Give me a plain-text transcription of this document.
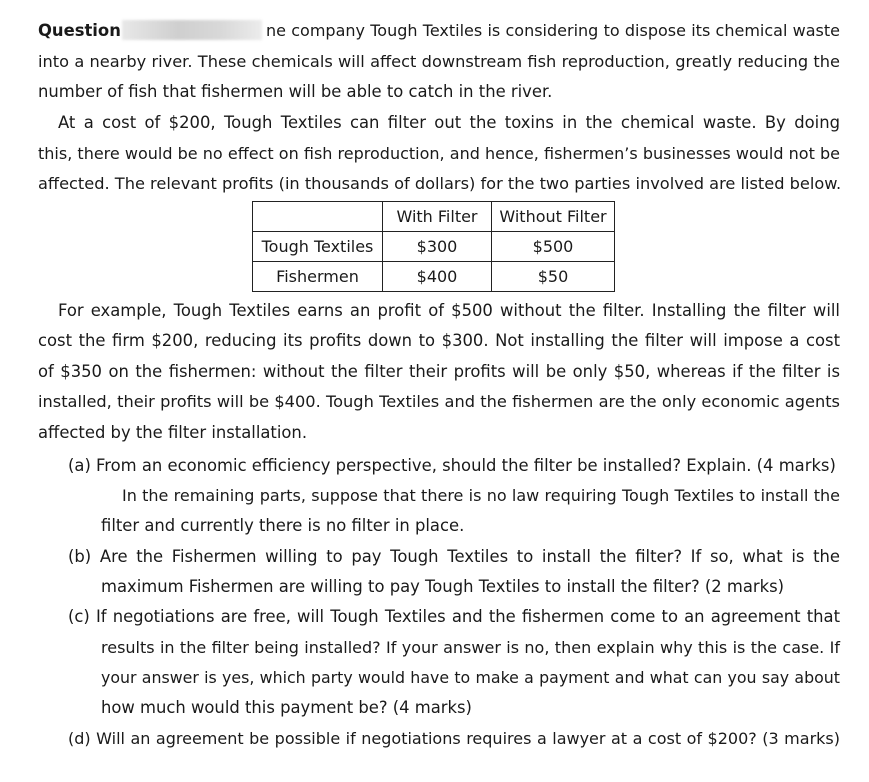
Question	ne company Tough Textiles is considering to dispose its chemical waste
into a nearby river. These chemicals will affect downstream fish reproduction, greatly reducing the
number of fish that fishermen will be able to catch in the river.
At a cost of $200, Tough Textiles can filter out the toxins in the chemical waste. By doing
this, there would be no effect on fish reproduction, and hence, fishermen’s businesses would not be
affected. The relevant profits (in thousands of dollars) for the two parties involved are listed below.
	With Filter	Without Filter
Tough Textiles	$300	$500
Fishermen	$400	$50
For example, Tough Textiles earns an profit of $500 without the filter. Installing the filter will
cost the firm $200, reducing its profits down to $300. Not installing the filter will impose a cost
of $350 on the fishermen: without the filter their profits will be only $50, whereas if the filter is
installed, their profits will be $400. Tough Textiles and the fishermen are the only economic agents
affected by the filter installation.
(a) From an economic efficiency perspective, should the filter be installed? Explain. (4 marks)
In the remaining parts, suppose that there is no law requiring Tough Textiles to install the
filter and currently there is no filter in place.
(b) Are the Fishermen willing to pay Tough Textiles to install the filter? If so, what is the
maximum Fishermen are willing to pay Tough Textiles to install the filter? (2 marks)
(c) If negotiations are free, will Tough Textiles and the fishermen come to an agreement that
results in the filter being installed? If your answer is no, then explain why this is the case. If
your answer is yes, which party would have to make a payment and what can you say about
how much would this payment be? (4 marks)
(d) Will an agreement be possible if negotiations requires a lawyer at a cost of $200? (3 marks)
